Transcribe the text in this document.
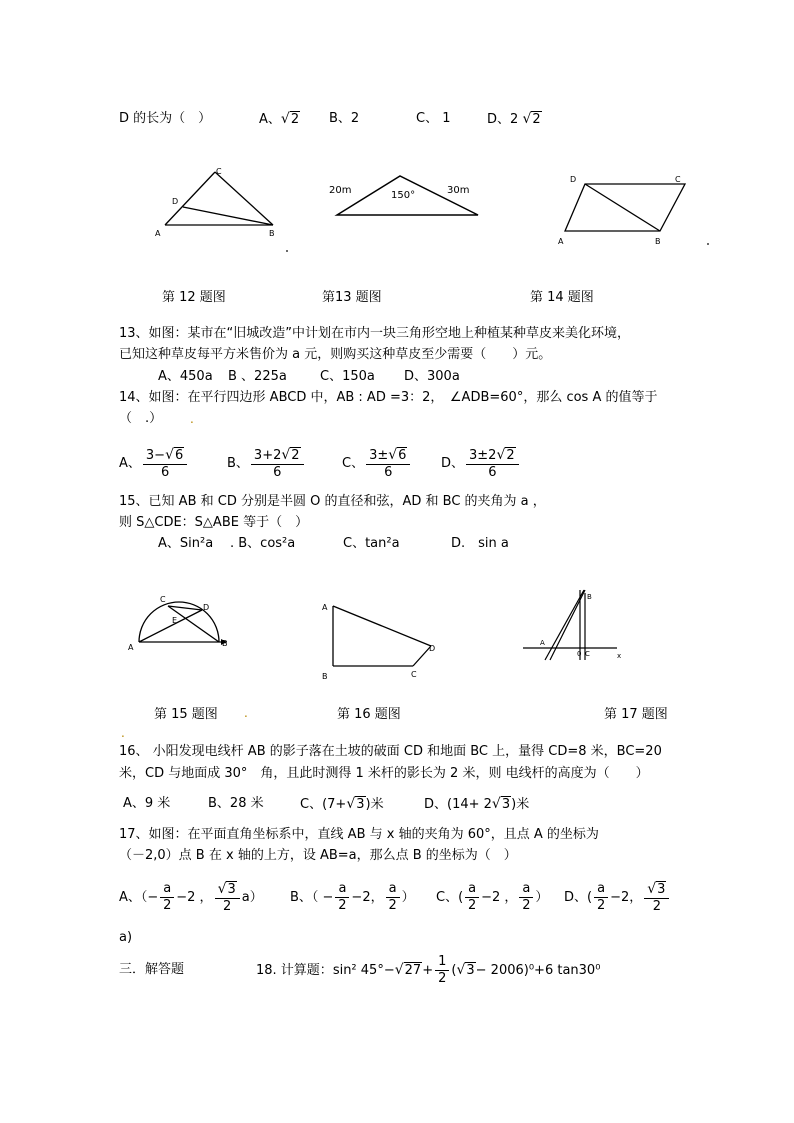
D 的长为（　）	A、√2 B、2	C、 1	D、2 √2
C
D
A	B
20m	150°	30m
D	C
A	B
第 12 题图	第13 题图	第 14 题图
13、如图：某市在“旧城改造”中计划在市内一块三角形空地上种植某种草皮来美化环境，
已知这种草皮每平方米售价为 a 元，则购买这种草皮至少需要（　　）元。
A、450a B 、225a	C、150a D、300a
14、如图：在平行四边形 ABCD 中，AB : AD =3：2，　∠ADB=60°，那么 cos A 的值等于
（　.） .
A、 $\frac{3-√6}{6}$	B、 $\frac{3+2√2}{6}$	C、 $\frac{3\pm√6}{6}$ D、 $\frac{3\pm 2√2}{6}$
15、已知 AB 和 CD 分别是半圆 O 的直径和弦，AD 和 BC 的夹角为 a ，
则 S△CDE：S△ABE 等于（　）
A、Sin²a . B、cos²a	C、tan²a	D.　sin a
C
D
E
A	B
A
D
B	C
B
A
0 C	x
第 15 题图 .	第 16 题图	第 17 题图
.
16、 小阳发现电线杆 AB 的影子落在土坡的破面 CD 和地面 BC 上，量得 CD=8 米，BC=20
米，CD 与地面成 30°　角，且此时测得 1 米杆的影长为 2 米，则 电线杆的高度为（　　）
A、9 米	B、28 米	C、(7+√3)米	D、(14+ 2√3)米
17、如图：在平面直角坐标系中，直线 AB 与 x 轴的夹角为 60°，且点 A 的坐标为
（－2,0）点 B 在 x 轴的上方，设 AB=a，那么点 B 的坐标为（　）
A、（− $\frac{a}{2} -2$ ， $\frac{√3}{2} a$） B、（ − $\frac{a}{2} -2$， $\frac{a}{2}$ ） C、( $\frac{a}{2} -2$ ， $\frac{a}{2}$ ） D、( $\frac{a}{2} -2$， $\frac{√3}{2}$
a)
三．解答题	18. 计算题：sin² $45^\circ-√27+ \frac{1}{2} (√3- 2006)^0+6$ tan30⁰
